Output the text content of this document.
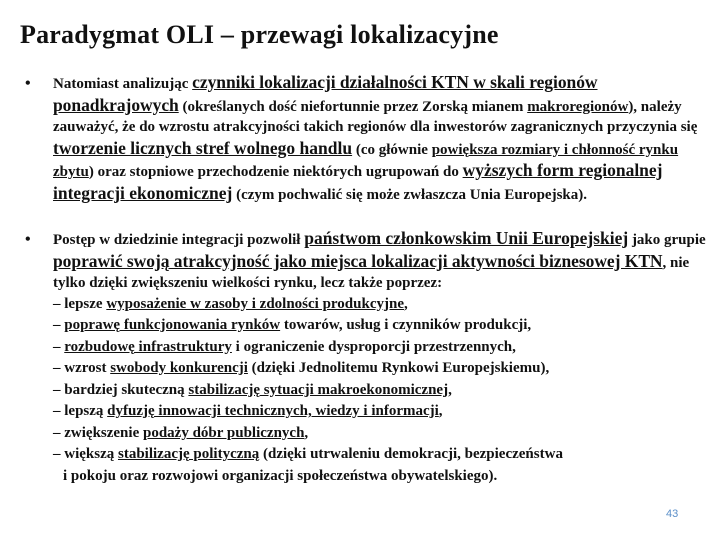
Paradygmat OLI – przewagi lokalizacyjne
• Natomiast analizując czynniki lokalizacji działalności KTN w skali regionów ponadkrajowych (określanych dość niefortunnie przez Zorską mianem makroregionów), należy zauważyć, że do wzrostu atrakcyjności takich regionów dla inwestorów zagranicznych przyczynia się tworzenie licznych stref wolnego handlu (co głównie powiększa rozmiary i chłonność rynku zbytu) oraz stopniowe przechodzenie niektórych ugrupowań do wyższych form regionalnej integracji ekonomicznej (czym pochwalić się może zwłaszcza Unia Europejska).
• Postęp w dziedzinie integracji pozwolił państwom członkowskim Unii Europejskiej jako grupie poprawić swoją atrakcyjność jako miejsca lokalizacji aktywności biznesowej KTN, nie tylko dzięki zwiększeniu wielkości rynku, lecz także poprzez:
– lepsze wyposażenie w zasoby i zdolności produkcyjne,
– poprawę funkcjonowania rynków towarów, usług i czynników produkcji,
– rozbudowę infrastruktury i ograniczenie dysproporcji przestrzennych,
– wzrost swobody konkurencji (dzięki Jednolitemu Rynkowi Europejskiemu),
– bardziej skuteczną stabilizację sytuacji makroekonomicznej,
– lepszą dyfuzję innowacji technicznych, wiedzy i informacji,
– zwiększenie podaży dóbr publicznych,
– większą stabilizację polityczną (dzięki utrwaleniu demokracji, bezpieczeństwa
i pokoju oraz rozwojowi organizacji społeczeństwa obywatelskiego).
43
